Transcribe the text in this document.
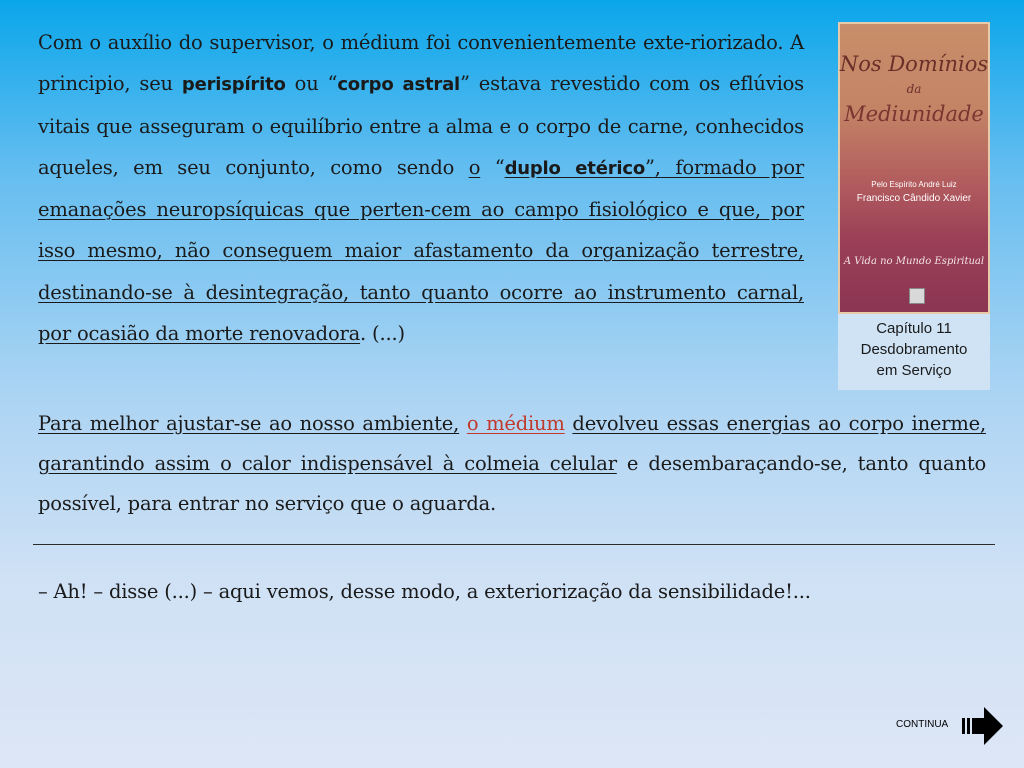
Com o auxílio do supervisor, o médium foi convenientemente exte-riorizado. A principio, seu perispírito ou “corpo astral” estava revestido com os eflúvios vitais que asseguram o equilíbrio entre a alma e o corpo de carne, conhecidos aqueles, em seu conjunto, como sendo o “duplo etérico”, formado por emanações neuropsíquicas que perten-cem ao campo fisiológico e que, por isso mesmo, não conseguem maior afastamento da organização terrestre, destinando-se à desintegração, tanto quanto ocorre ao instrumento carnal, por ocasião da morte renovadora. (...)
Para melhor ajustar-se ao nosso ambiente, o médium devolveu essas energias ao corpo inerme, garantindo assim o calor indispensável à colmeia celular e desembaraçando-se, tanto quanto possível, para entrar no serviço que o aguarda.
– Ah! – disse (...) – aqui vemos, desse modo, a exteriorização da sensibilidade!...
Nos Domínios
da
Mediunidade
Pelo Espírito André Luiz
Francisco Cândido Xavier
A Vida no Mundo Espiritual
Capítulo 11
Desdobramento
em Serviço
CONTINUA
